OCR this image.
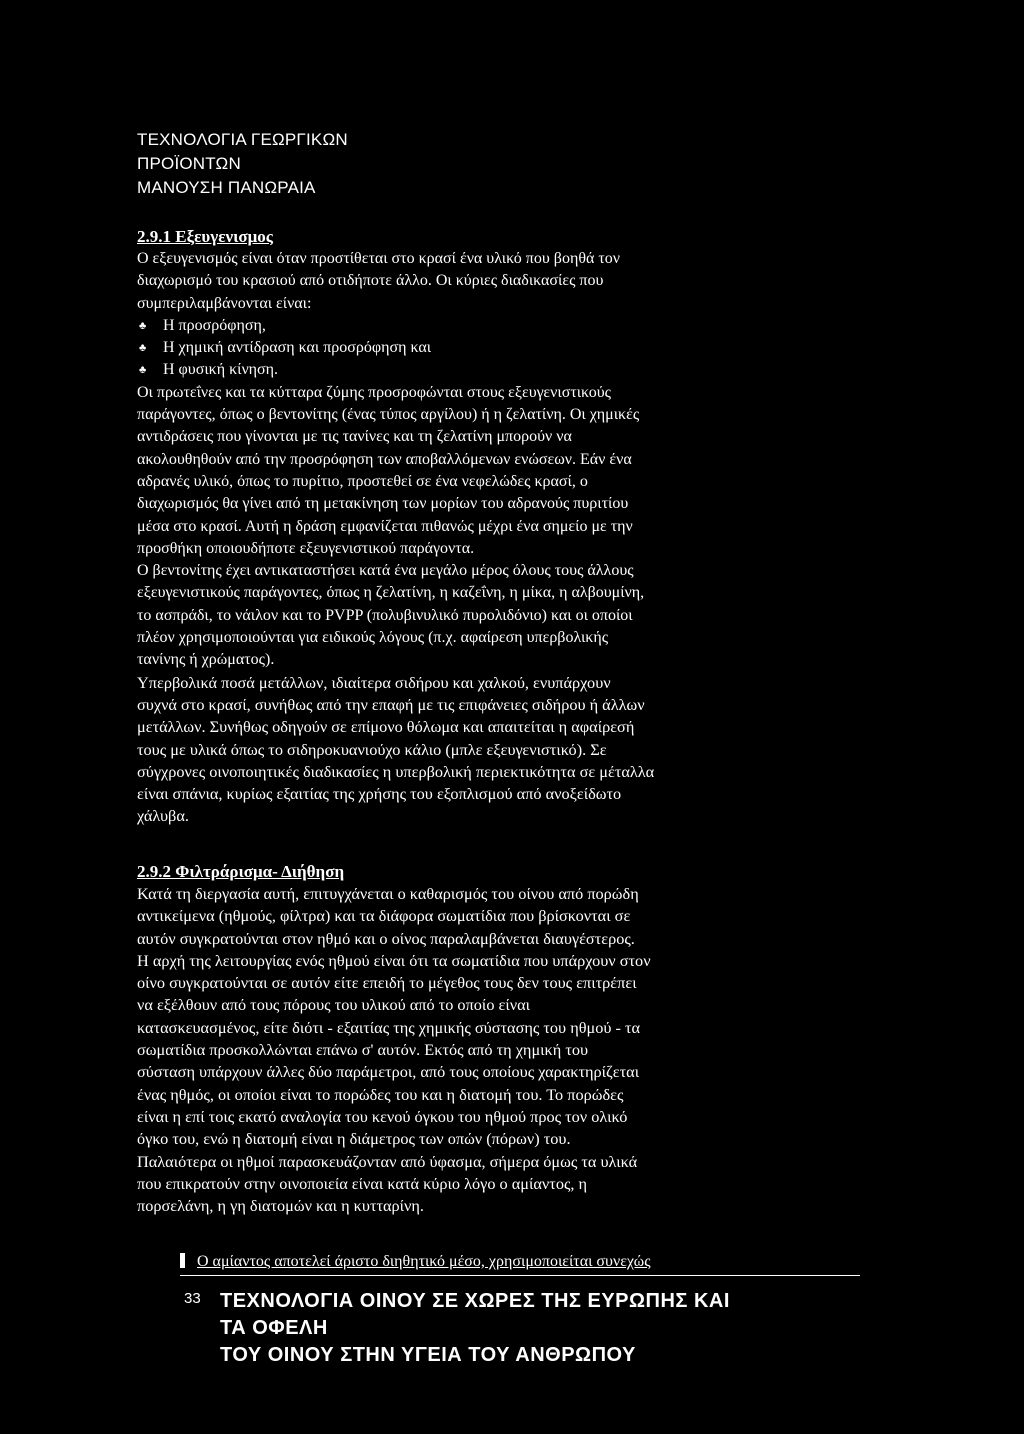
ΤΕΧΝΟΛΟΓΙΑ ΓΕΩΡΓΙΚΩΝ
ΠΡΟΪΟΝΤΩΝ
ΜΑΝΟΥΣΗ ΠΑΝΩΡΑΙΑ
2.9.1 Εξευγενισμος
Ο εξευγενισμός είναι όταν προστίθεται στο κρασί ένα υλικό που βοηθά τον
διαχωρισμό του κρασιού από οτιδήποτε άλλο. Οι κύριες διαδικασίες που
συμπεριλαμβάνονται είναι:
♣ Η προσρόφηση,
♣ Η χημική αντίδραση και προσρόφηση και
♣ Η φυσική κίνηση.
Οι πρωτεΐνες και τα κύτταρα ζύμης προσροφώνται στους εξευγενιστικούς
παράγοντες, όπως ο βεντονίτης (ένας τύπος αργίλου) ή η ζελατίνη. Οι χημικές
αντιδράσεις που γίνονται με τις τανίνες και τη ζελατίνη μπορούν να
ακολουθηθούν από την προσρόφηση των αποβαλλόμενων ενώσεων. Εάν ένα
αδρανές υλικό, όπως το πυρίτιο, προστεθεί σε ένα νεφελώδες κρασί, ο
διαχωρισμός θα γίνει από τη μετακίνηση των μορίων του αδρανούς πυριτίου
μέσα στο κρασί. Αυτή η δράση εμφανίζεται πιθανώς μέχρι ένα σημείο με την
προσθήκη οποιουδήποτε εξευγενιστικού παράγοντα.
Ο βεντονίτης έχει αντικαταστήσει κατά ένα μεγάλο μέρος όλους τους άλλους
εξευγενιστικούς παράγοντες, όπως η ζελατίνη, η καζεΐνη, η μίκα, η αλβουμίνη,
το ασπράδι, το νάιλον και το PVPP (πολυβινυλικό πυρολιδόνιο) και οι οποίοι
πλέον χρησιμοποιούνται για ειδικούς λόγους (π.χ. αφαίρεση υπερβολικής
τανίνης ή χρώματος).
Υπερβολικά ποσά μετάλλων, ιδιαίτερα σιδήρου και χαλκού, ενυπάρχουν
συχνά στο κρασί, συνήθως από την επαφή με τις επιφάνειες σιδήρου ή άλλων
μετάλλων. Συνήθως οδηγούν σε επίμονο θόλωμα και απαιτείται η αφαίρεσή
τους με υλικά όπως το σιδηροκυανιούχο κάλιο (μπλε εξευγενιστικό). Σε
σύγχρονες οινοποιητικές διαδικασίες η υπερβολική περιεκτικότητα σε μέταλλα
είναι σπάνια, κυρίως εξαιτίας της χρήσης του εξοπλισμού από ανοξείδωτο
χάλυβα.
2.9.2 Φιλτράρισμα- Διήθηση
Κατά τη διεργασία αυτή, επιτυγχάνεται ο καθαρισμός του οίνου από πορώδη
αντικείμενα (ηθμούς, φίλτρα) και τα διάφορα σωματίδια που βρίσκονται σε
αυτόν συγκρατούνται στον ηθμό και ο οίνος παραλαμβάνεται διαυγέστερος.
Η αρχή της λειτουργίας ενός ηθμού είναι ότι τα σωματίδια που υπάρχουν στον
οίνο συγκρατούνται σε αυτόν είτε επειδή το μέγεθος τους δεν τους επιτρέπει
να εξέλθουν από τους πόρους του υλικού από το οποίο είναι
κατασκευασμένος, είτε διότι - εξαιτίας της χημικής σύστασης του ηθμού - τα
σωματίδια προσκολλώνται επάνω σ' αυτόν. Εκτός από τη χημική του
σύσταση υπάρχουν άλλες δύο παράμετροι, από τους οποίους χαρακτηρίζεται
ένας ηθμός, οι οποίοι είναι το πορώδες του και η διατομή του. Το πορώδες
είναι η επί τοις εκατό αναλογία του κενού όγκου του ηθμού προς τον ολικό
όγκο του, ενώ η διατομή είναι η διάμετρος των οπών (πόρων) του.
Παλαιότερα οι ηθμοί παρασκευάζονταν από ύφασμα, σήμερα όμως τα υλικά
που επικρατούν στην οινοποιεία είναι κατά κύριο λόγο ο αμίαντος, η
πορσελάνη, η γη διατομών και η κυτταρίνη.
Ο αμίαντος αποτελεί άριστο διηθητικό μέσο, χρησιμοποιείται συνεχώς
33 ΤΕΧΝΟΛΟΓΙΑ ΟΙΝΟΥ ΣΕ ΧΩΡΕΣ ΤΗΣ ΕΥΡΩΠΗΣ ΚΑΙ
ΤΑ ΟΦΕΛΗ
ΤΟΥ ΟΙΝΟΥ ΣΤΗΝ ΥΓΕΙΑ ΤΟΥ ΑΝΘΡΩΠΟΥ
